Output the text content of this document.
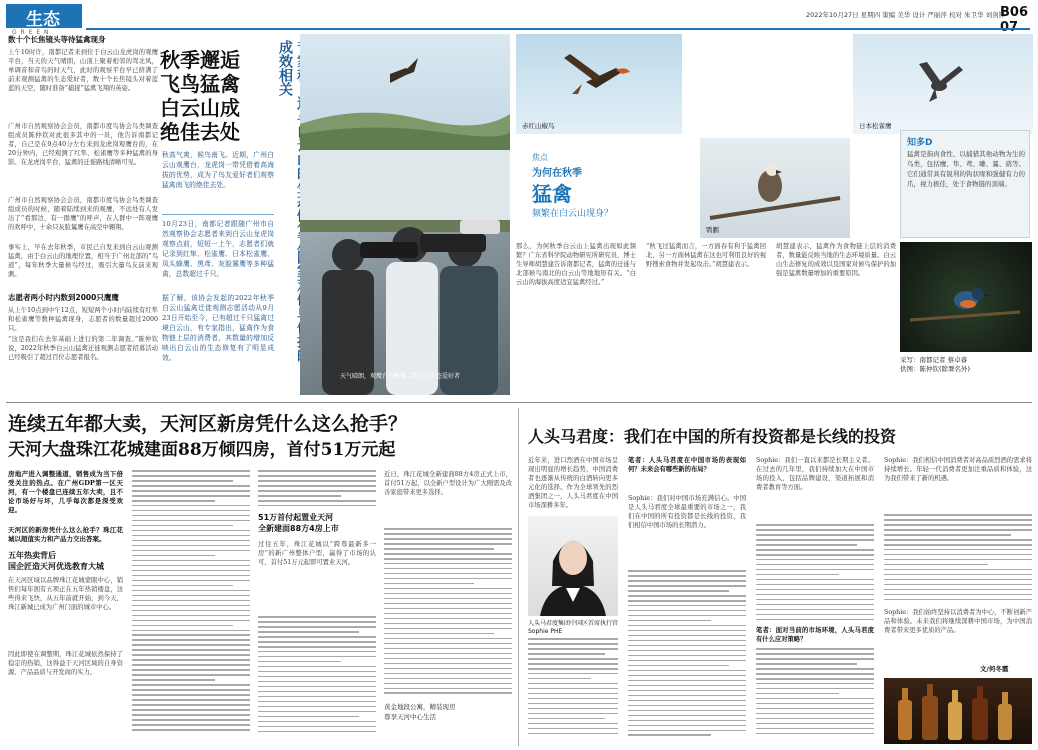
生态
G R E E N
2022年10月27日 星期四 策编 美华 设计 严丽萍 校对 朱卫华 刘剑锋
B06
数十个长焦镜头等待猛禽现身

上午10时许，南都记者来到位于白云山龙虎岗的观鹰平台，当天的天气晴朗，山顶上聚着相邻的驾北风，单调音和音鸟的时天气，此时的观察平台早已挤满了前来观测猛禽的生态爱好者，数十个长焦镜头对着蓝蓝的天空，随时准备“捕捉”猛禽飞翔的英姿。

广州市自然观察协会会员，南都市度鸟协会鸟类调查组成员陈仲钦对此很多其中的一员，他告诉南都记者，自己是在9点40分左右来到龙虎岗观鹰台的，在20分钟内，已经观测了红隼、松雀鹰等多种猛禽的身影。在龙虎岗平台，猛禽的迁徙路线清晰可见。

广州市自然观察协会会员，南都市度鸟协会鸟类调查组成员的时候，随着陆续到来的观鹰，不远处有人发出了“看那边，有一群鹰”的呼声，在人群中一阵观鹰的欢呼中，十余只灰脸鵟鹰在高空中翱翔。

事实上，早在去年秋季，市民已自发来到白云山观测猛禽，由于白云山的地理位置，相当于广州北部的“鸟道”，每年秋季大量候鸟经过，吸引大量鸟友前来观测。

志愿者两小时内数到2000只鹰鹰

从上午10点到中午12点，短短两个小时内陆续有红隼和松雀鹰等数种猛禽现身，志愿者的数量超过2000只。

“这是我们在去年基础上进行的第二年调查。”陈仲钦说，2022年秋季白云山猛禽迁徙观测志愿者招募活动已经吸引了超过百位志愿者报名。

秋季邂逅
飞鸟猛禽
白云山成
绝佳去处
成效相关

秋高气爽，候鸟南飞。近期，广州白云山观鹰台，龙虎岗一带凭借着高海拔的优势，成为了鸟友爱好者们观察猛禽南飞的绝佳去处。

10月23日，南都记者跟随广州市自然观察协会志愿者来到白云山龙虎岗观察点前，短短一上午，志愿者们就记录到红隼、松雀鹰、日本松雀鹰、凤头蜂鹰、黑鸢、灰脸鵟鹰等多种猛禽，总数超过千只。

据了解，该协会发起的2022年秋季白云山猛禽迁徙观测志愿活动从9月23日开始至今，已有超过千只猛禽过境白云山，有专家指出，猛禽作为食物链上层的消费者，其数量的增加反映出白云山的生态修复有了明显成效。

天气晴朗，观鹰台上聚集了数十位生态爱好者
赤红山椒鸟	日本松雀鹰
焦点
为何在秋季
猛禽
频繁在白云山现身？
鹗鹏
知多D
猛禽是指肉食性、以捕猎其他动物为生的鸟类，包括鹰、隼、鸢、雕、鵟、鹞等。它们通常具有锐利的钩状喙和强健有力的爪，视力极佳，处于食物链的顶端。

那么，为何秋季白云山上猛禽出现如此频繁？广东省科学院动物研究所研究员、博士生导师胡慧建告诉南都记者，猛禽的迁徙与北部候鸟南北的白云山等地地形有关。“白云山的海拔高度适宜猛禽经过。”

“秋飞过猛禽而言，一方面春有利于猛禽回北，另一方面林猛禽在这也可利用良好的视野搜索食物并发起攻击。”胡慧建表示。

胡慧建表示，猛禽作为食物链上层的消费者，数量能反映当地的生态环境质量。白云山生态修复的成效以及国家对候鸟保护的加强是猛禽数量增加的重要原因。

采写：南都记者 蔡卓睿
供图：陈仲钦(除署名外)
连续五年都大卖，天河区新房凭什么这么抢手？
天河大盘珠江花城建面88万倾四房，首付51万元起

房地产进入调整通道，销售成为当下倍受关注的热点。在广州GDP第一区天河，有一个楼盘已连续五年大卖，且不论市场好与坏，几乎每次都是深受欢迎。

天河区的新房凭什么这么抢手？珠江花城以超值实力和产品力交出答案。

五年热卖背后
国企匠造天河优选教育大城

在天河区域以品牌珠江花城蒙眼中心，销售们每年拥有五项正在五年热销楼盘，这些得来飞快，从五年前就开始，到今天，珠江新城已成为广州门面的城市中心。

因此即使在调整期，珠江花城依然保持了稳定的热销，这得益于天河区域的自身资源、产品品质与开发商的实力。

51万首付起置业天河
全新建面88方4房上市

过往五年，珠江花城以“跨尊最新多一房”的新广州整体户型，赢得了市场的认可，首付51万元起即可置业天河。

近日，珠江花城全新建面88方4房正式上市，首付51万起，以全新户型设计为广大刚需及改善家庭带来更多选择。

黄金地段公寓，精装现房
尊享天河中心生活
人头马君度：我们在中国的所有投资都是长线的投资

近年来，进口烈酒在中国市场呈现出明显的增长趋势，中国消费者也逐渐从传统的白酒转向更多元化的选择。作为全球领先的烈酒集团之一，人头马君度在中国市场深耕多年。

人头马君度集团中国区首席执行官Sophie PHE

笔者：人头马君度在中国市场的表现如何？未来会有哪些新的布局？

Sophie：我们对中国市场充满信心。中国是人头马君度全球最重要的市场之一，我们在中国的所有投资都是长线的投资，我们相信中国市场的长期潜力。

Sophie：我们一直以来都是长期主义者。在过去的几年里，我们持续加大在中国市场的投入，包括品牌建设、渠道拓展和消费者教育等方面。

笔者：面对当前的市场环境，人头马君度有什么应对策略？

Sophie：我们相信中国消费者对高品质烈酒的需求将持续增长。年轻一代消费者更加注重品质和体验，这为我们带来了新的机遇。

Sophie：我们始终坚持以消费者为中心，不断创新产品和体验。未来我们将继续深耕中国市场，为中国消费者带来更多优质的产品。

文/何冬霞
